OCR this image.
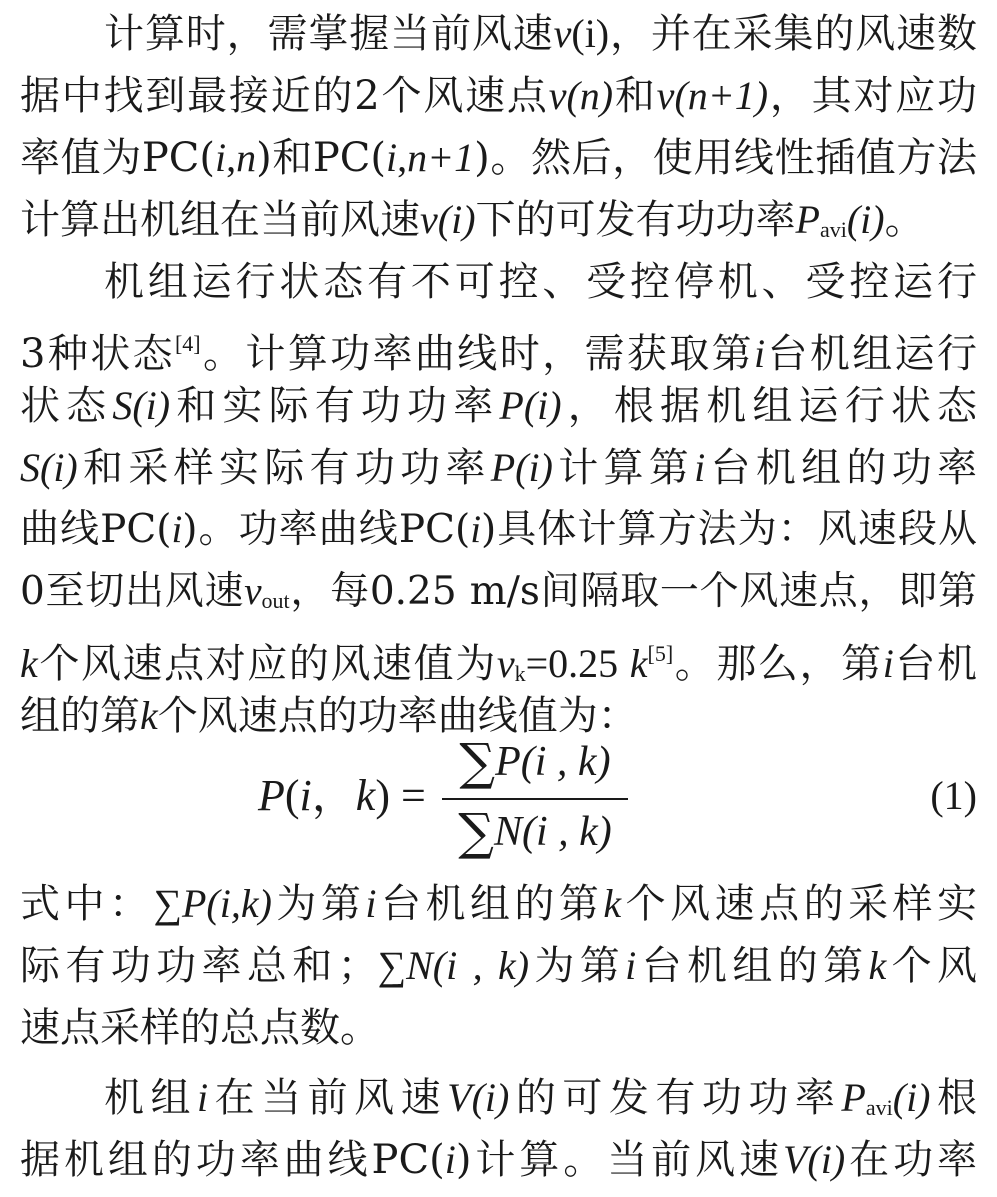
计算时，需掌握当前风速v(i)，并在采集的风速数
据中找到最接近的2个风速点v(n)和v(n+1)，其对应功
率值为PC(i,n)和PC(i,n+1)。然后，使用线性插值方法
计算出机组在当前风速v(i)下的可发有功功率Pavi(i)。
机组运行状态有不可控、受控停机、受控运行
3种状态[4]。计算功率曲线时，需获取第i台机组运行
状态S(i)和实际有功功率P(i)，根据机组运行状态
S(i)和采样实际有功功率P(i)计算第i台机组的功率
曲线PC(i)。功率曲线PC(i)具体计算方法为：风速段从
0至切出风速vout，每0.25 m/s间隔取一个风速点，即第
k个风速点对应的风速值为vk=0.25 k[5]。那么，第i台机
组的第k个风速点的功率曲线值为：
P(i，k) =
∑P(i , k)
∑N(i , k)
(1)
式中：∑P(i,k)为第i台机组的第k个风速点的采样实
际有功功率总和；∑N(i , k)为第i台机组的第k个风
速点采样的总点数。
机组i在当前风速V(i)的可发有功功率Pavi(i)根
据机组的功率曲线PC(i)计算。当前风速V(i)在功率
